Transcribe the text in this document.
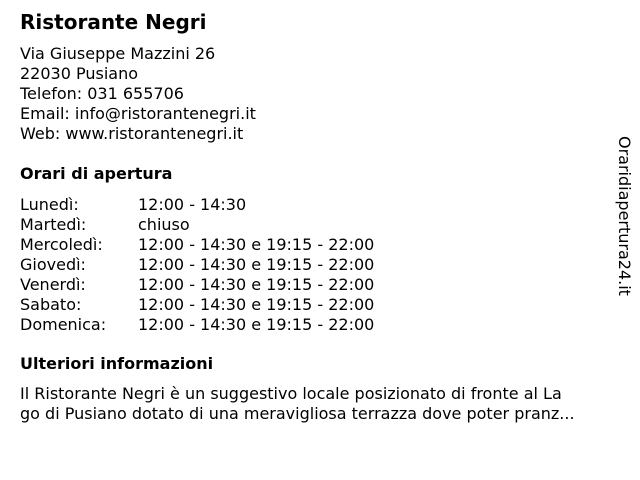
Ristorante Negri
Via Giuseppe Mazzini 26
22030 Pusiano
Telefon: 031 655706
Email: info@ristorantenegri.it
Web: www.ristorantenegri.it
Orari di apertura
Lunedì:	12:00 - 14:30
Martedì:	chiuso
Mercoledì:	12:00 - 14:30 e 19:15 - 22:00
Giovedì:	12:00 - 14:30 e 19:15 - 22:00
Venerdì:	12:00 - 14:30 e 19:15 - 22:00
Sabato:	12:00 - 14:30 e 19:15 - 22:00
Domenica:	12:00 - 14:30 e 19:15 - 22:00
Ulteriori informazioni
Il Ristorante Negri è un suggestivo locale posizionato di fronte al La
go di Pusiano dotato di una meravigliosa terrazza dove poter pranz...
Oraridiapertura24.it
